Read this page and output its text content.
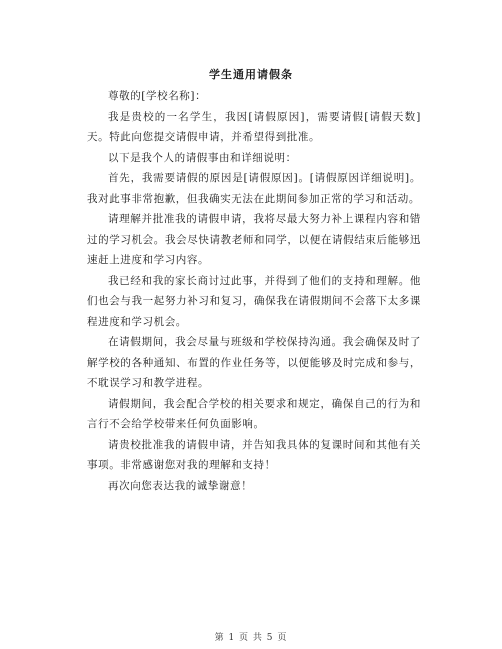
学生通用请假条

尊敬的[学校名称]：

我是贵校的一名学生，我因[请假原因]，需要请假[请假天数]天。特此向您提交请假申请，并希望得到批准。

以下是我个人的请假事由和详细说明：

首先，我需要请假的原因是[请假原因]。[请假原因详细说明]。我对此事非常抱歉，但我确实无法在此期间参加正常的学习和活动。

请理解并批准我的请假申请，我将尽最大努力补上课程内容和错过的学习机会。我会尽快请教老师和同学，以便在请假结束后能够迅速赶上进度和学习内容。

我已经和我的家长商讨过此事，并得到了他们的支持和理解。他们也会与我一起努力补习和复习，确保我在请假期间不会落下太多课程进度和学习机会。

在请假期间，我会尽量与班级和学校保持沟通。我会确保及时了解学校的各种通知、布置的作业任务等，以便能够及时完成和参与，不耽误学习和教学进程。

请假期间，我会配合学校的相关要求和规定，确保自己的行为和言行不会给学校带来任何负面影响。

请贵校批准我的请假申请，并告知我具体的复课时间和其他有关事项。非常感谢您对我的理解和支持！

再次向您表达我的诚挚谢意！

第 1 页 共 5 页
